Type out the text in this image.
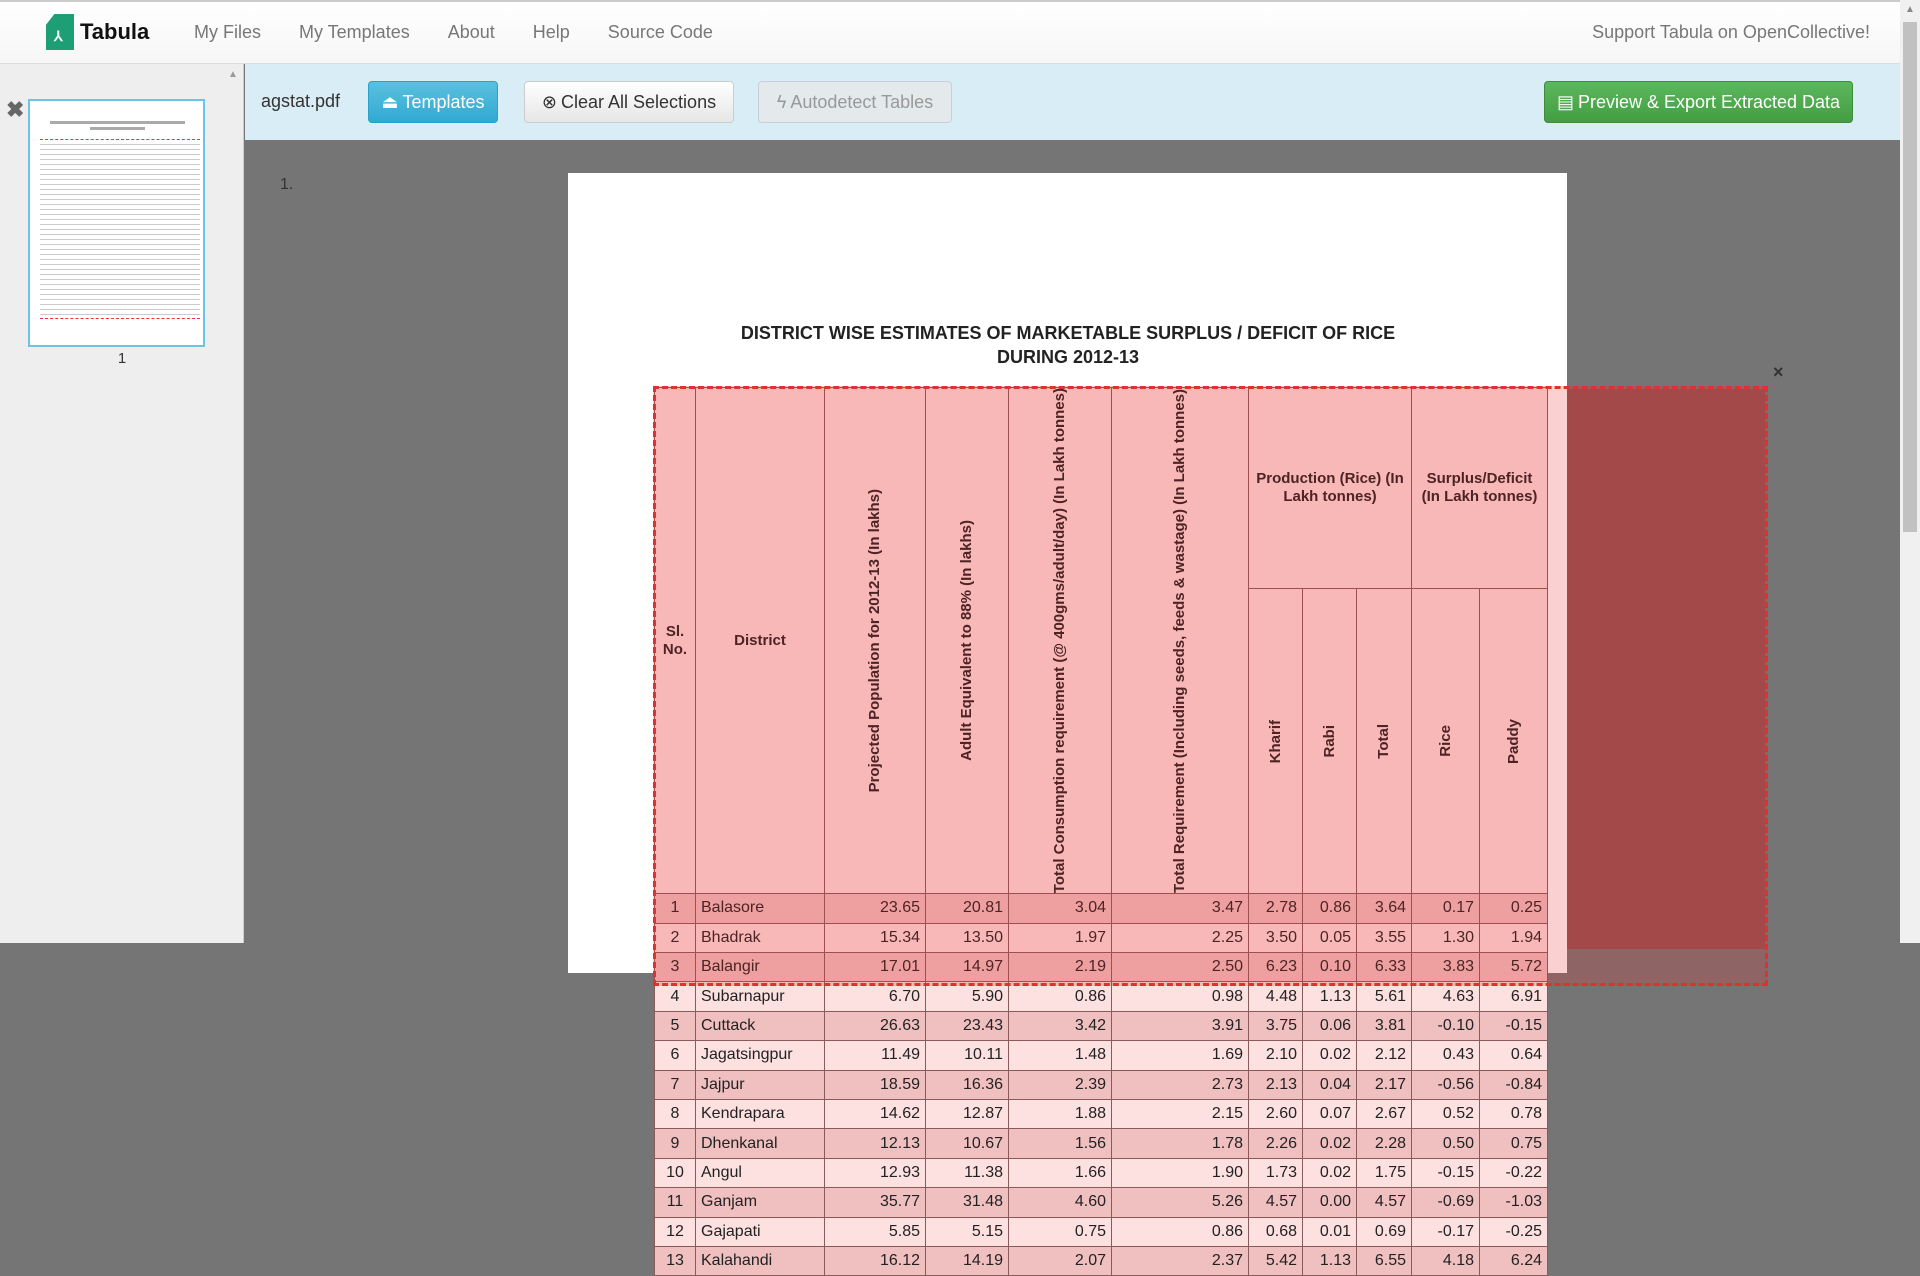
⅄
Tabula My Files My Templates About Help Source Code	Support Tabula on OpenCollective!
▲
✖
1
agstat.pdf ⏏ Templates	⊗ Clear All Selections	ϟ Autodetect Tables	▤ Preview & Export Extracted Data
1.
DISTRICT WISE ESTIMATES OF MARKETABLE SURPLUS / DEFICIT OF RICE
DURING 2012-13
Sl. No.	District	Projected Population for 2012-13 (In lakhs)	Adult Equivalent to 88% (In lakhs)	Total Consumption requirement (@ 400gms/adult/day) (In Lakh tonnes)	Total Requirement (Including seeds, feeds & wastage) (In Lakh tonnes)	Production (Rice) (In Lakh tonnes)			Surplus/Deficit (In Lakh tonnes)	

						Kharif	Rabi	Total	Rice	Paddy

1	Balasore	23.65	20.81	3.04	3.47	2.78	0.86	3.64	0.17	0.25
2	Bhadrak	15.34	13.50	1.97	2.25	3.50	0.05	3.55	1.30	1.94
3	Balangir	17.01	14.97	2.19	2.50	6.23	0.10	6.33	3.83	5.72
4	Subarnapur	6.70	5.90	0.86	0.98	4.48	1.13	5.61	4.63	6.91
5	Cuttack	26.63	23.43	3.42	3.91	3.75	0.06	3.81	-0.10	-0.15
6	Jagatsingpur	11.49	10.11	1.48	1.69	2.10	0.02	2.12	0.43	0.64
7	Jajpur	18.59	16.36	2.39	2.73	2.13	0.04	2.17	-0.56	-0.84
8	Kendrapara	14.62	12.87	1.88	2.15	2.60	0.07	2.67	0.52	0.78
9	Dhenkanal	12.13	10.67	1.56	1.78	2.26	0.02	2.28	0.50	0.75
10	Angul	12.93	11.38	1.66	1.90	1.73	0.02	1.75	-0.15	-0.22
11	Ganjam	35.77	31.48	4.60	5.26	4.57	0.00	4.57	-0.69	-1.03
12	Gajapati	5.85	5.15	0.75	0.86	0.68	0.01	0.69	-0.17	-0.25
13	Kalahandi	16.12	14.19	2.07	2.37	5.42	1.13	6.55	4.18	6.24
×
▲
